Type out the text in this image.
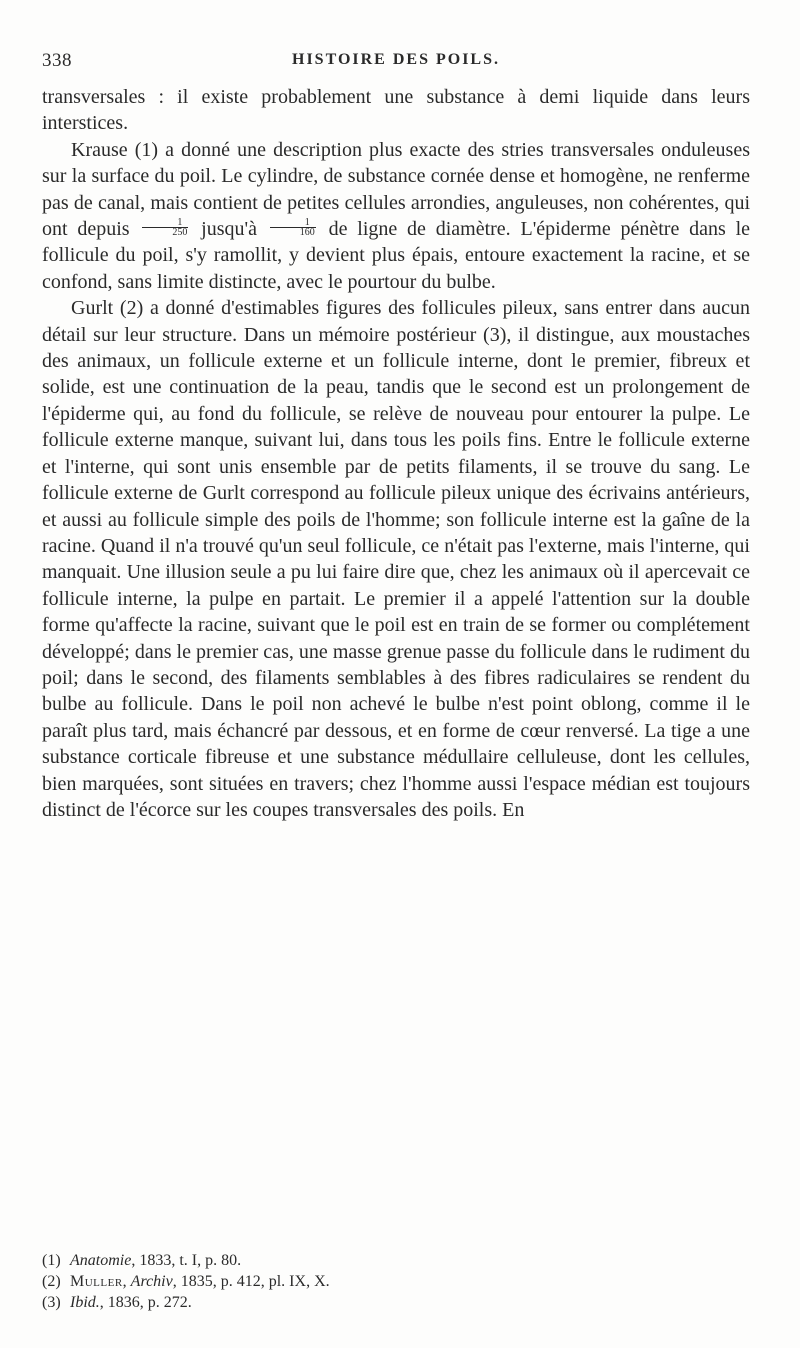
338	HISTOIRE DES POILS.

transversales : il existe probablement une substance à demi liquide dans leurs interstices.

Krause (1) a donné une description plus exacte des stries transversales onduleuses sur la surface du poil. Le cylindre, de substance cornée dense et homogène, ne renferme pas de canal, mais contient de petites cellules arrondies, anguleuses, non cohérentes, qui ont depuis $\frac{1}{250}$ jusqu'à $\frac{1}{160}$ de ligne de diamètre. L'épiderme pénètre dans le follicule du poil, s'y ramollit, y devient plus épais, entoure exactement la racine, et se confond, sans limite distincte, avec le pourtour du bulbe.

Gurlt (2) a donné d'estimables figures des follicules pileux, sans entrer dans aucun détail sur leur structure. Dans un mémoire postérieur (3), il distingue, aux moustaches des animaux, un follicule externe et un follicule interne, dont le premier, fibreux et solide, est une continuation de la peau, tandis que le second est un prolongement de l'épiderme qui, au fond du follicule, se relève de nouveau pour entourer la pulpe. Le follicule externe manque, suivant lui, dans tous les poils fins. Entre le follicule externe et l'interne, qui sont unis ensemble par de petits filaments, il se trouve du sang. Le follicule externe de Gurlt correspond au follicule pileux unique des écrivains antérieurs, et aussi au follicule simple des poils de l'homme; son follicule interne est la gaîne de la racine. Quand il n'a trouvé qu'un seul follicule, ce n'était pas l'externe, mais l'interne, qui manquait. Une illusion seule a pu lui faire dire que, chez les animaux où il apercevait ce follicule interne, la pulpe en partait. Le premier il a appelé l'attention sur la double forme qu'affecte la racine, suivant que le poil est en train de se former ou complétement développé; dans le premier cas, une masse grenue passe du follicule dans le rudiment du poil; dans le second, des filaments semblables à des fibres radiculaires se rendent du bulbe au follicule. Dans le poil non achevé le bulbe n'est point oblong, comme il le paraît plus tard, mais échancré par dessous, et en forme de cœur renversé. La tige a une substance corticale fibreuse et une substance médullaire celluleuse, dont les cellules, bien marquées, sont situées en travers; chez l'homme aussi l'espace médian est toujours distinct de l'écorce sur les coupes transversales des poils. En

(1) Anatomie, 1833, t. I, p. 80.
(2) Muller, Archiv, 1835, p. 412, pl. IX, X.
(3) Ibid., 1836, p. 272.
